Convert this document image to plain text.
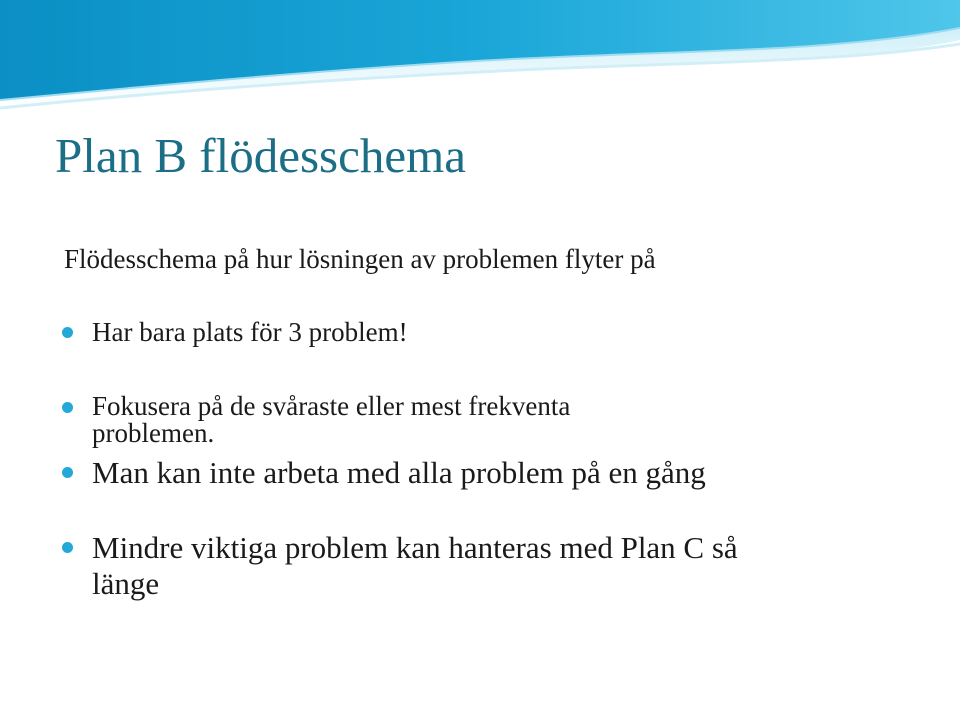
Plan B flödesschema
Flödesschema på hur lösningen av problemen flyter på
Har bara plats för 3 problem!
Fokusera på de svåraste eller mest frekventa
problemen.
Man kan inte arbeta med alla problem på en gång
Mindre viktiga problem kan hanteras med Plan C så
länge
